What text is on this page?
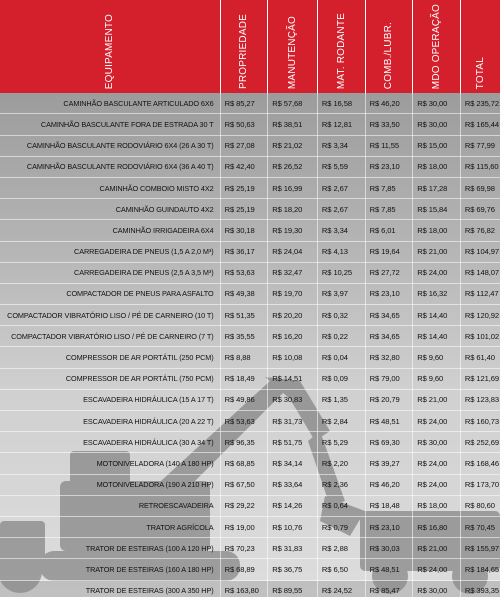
EQUIPAMENTO	PROPRIEDADE	MANUTENÇÃO	MAT. RODANTE	COMB./LUBR.	MDO OPERAÇÃO	TOTAL

CAMINHÃO BASCULANTE ARTICULADO 6X6	R$ 85,27	R$ 57,68	R$ 16,58	R$ 46,20	R$ 30,00	R$ 235,72
CAMINHÃO BASCULANTE FORA DE ESTRADA 30 T	R$ 50,63	R$ 38,51	R$ 12,81	R$ 33,50	R$ 30,00	R$ 165,44
CAMINHÃO BASCULANTE RODOVIÁRIO 6X4 (26 A 30 T)	R$ 27,08	R$ 21,02	R$ 3,34	R$ 11,55	R$ 15,00	R$ 77,99
CAMINHÃO BASCULANTE RODOVIÁRIO 6X4 (36 A 40 T)	R$ 42,40	R$ 26,52	R$ 5,59	R$ 23,10	R$ 18,00	R$ 115,60
CAMINHÃO COMBOIO MISTO 4X2	R$ 25,19	R$ 16,99	R$ 2,67	R$ 7,85	R$ 17,28	R$ 69,98
CAMINHÃO GUINDAUTO 4X2	R$ 25,19	R$ 18,20	R$ 2,67	R$ 7,85	R$ 15,84	R$ 69,76
CAMINHÃO IRRIGADEIRA 6X4	R$ 30,18	R$ 19,30	R$ 3,34	R$ 6,01	R$ 18,00	R$ 76,82
CARREGADEIRA DE PNEUS (1,5 A 2,0 M³)	R$ 36,17	R$ 24,04	R$ 4,13	R$ 19,64	R$ 21,00	R$ 104,97
CARREGADEIRA DE PNEUS (2,5 A 3,5 M³)	R$ 53,63	R$ 32,47	R$ 10,25	R$ 27,72	R$ 24,00	R$ 148,07
COMPACTADOR DE PNEUS PARA ASFALTO	R$ 49,38	R$ 19,70	R$ 3,97	R$ 23,10	R$ 16,32	R$ 112,47
COMPACTADOR VIBRATÓRIO LISO / PÉ DE CARNEIRO (10 T)	R$ 51,35	R$ 20,20	R$ 0,32	R$ 34,65	R$ 14,40	R$ 120,92
COMPACTADOR VIBRATÓRIO LISO / PÉ DE CARNEIRO (7 T)	R$ 35,55	R$ 16,20	R$ 0,22	R$ 34,65	R$ 14,40	R$ 101,02
COMPRESSOR DE AR PORTÁTIL (250 PCM)	R$ 8,88	R$ 10,08	R$ 0,04	R$ 32,80	R$ 9,60	R$ 61,40
COMPRESSOR DE AR PORTÁTIL (750 PCM)	R$ 18,49	R$ 14,51	R$ 0,09	R$ 79,00	R$ 9,60	R$ 121,69
ESCAVADEIRA HIDRÁULICA (15 A 17 T)	R$ 49,86	R$ 30,83	R$ 1,35	R$ 20,79	R$ 21,00	R$ 123,83
ESCAVADEIRA HIDRÁULICA (20 A 22 T)	R$ 53,63	R$ 31,73	R$ 2,84	R$ 48,51	R$ 24,00	R$ 160,73
ESCAVADEIRA HIDRÁULICA (30 A 34 T)	R$ 96,35	R$ 51,75	R$ 5,29	R$ 69,30	R$ 30,00	R$ 252,69
MOTONIVELADORA (140 A 180 HP)	R$ 68,85	R$ 34,14	R$ 2,20	R$ 39,27	R$ 24,00	R$ 168,46
MOTONIVELADORA (190 A 210 HP)	R$ 67,50	R$ 33,64	R$ 2,36	R$ 46,20	R$ 24,00	R$ 173,70
RETROESCAVADEIRA	R$ 29,22	R$ 14,26	R$ 0,64	R$ 18,48	R$ 18,00	R$ 80,60
TRATOR AGRÍCOLA	R$ 19,00	R$ 10,76	R$ 0,79	R$ 23,10	R$ 16,80	R$ 70,45
TRATOR DE ESTEIRAS (100 A 120 HP)	R$ 70,23	R$ 31,83	R$ 2,88	R$ 30,03	R$ 21,00	R$ 155,97
TRATOR DE ESTEIRAS (160 A 180 HP)	R$ 68,89	R$ 36,75	R$ 6,50	R$ 48,51	R$ 24,00	R$ 184,65
TRATOR DE ESTEIRAS (300 A 350 HP)	R$ 163,80	R$ 89,55	R$ 24,52	R$ 85,47	R$ 30,00	R$ 393,35
